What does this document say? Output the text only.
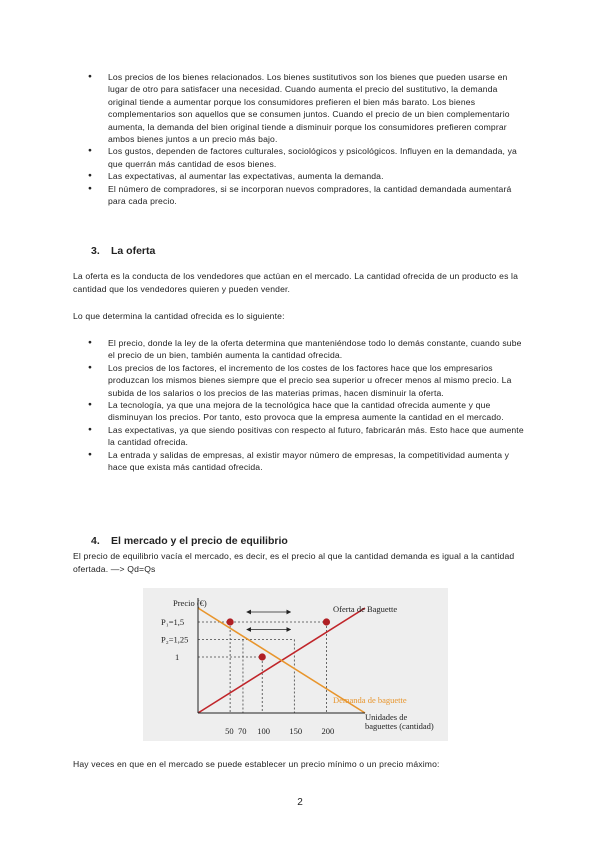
● Los precios de los bienes relacionados. Los bienes sustitutivos son los bienes que pueden usarse en lugar de otro para satisfacer una necesidad. Cuando aumenta el precio del sustitutivo, la demanda original tiende a aumentar porque los consumidores prefieren el bien más barato. Los bienes complementarios son aquellos que se consumen juntos. Cuando el precio de un bien complementario aumenta, la demanda del bien original tiende a disminuir porque los consumidores prefieren comprar ambos bienes juntos a un precio más bajo.
● Los gustos, dependen de factores culturales, sociológicos y psicológicos. Influyen en la demandada, ya que querrán más cantidad de esos bienes.
● Las expectativas, al aumentar las expectativas, aumenta la demanda.
● El número de compradores, si se incorporan nuevos compradores, la cantidad demandada aumentará para cada precio.
3. La oferta
La oferta es la conducta de los vendedores que actúan en el mercado. La cantidad ofrecida de un producto es la cantidad que los vendedores quieren y pueden vender.
Lo que determina la cantidad ofrecida es lo siguiente:
● El precio, donde la ley de la oferta determina que manteniéndose todo lo demás constante, cuando sube el precio de un bien, también aumenta la cantidad ofrecida.
● Los precios de los factores, el incremento de los costes de los factores hace que los empresarios produzcan los mismos bienes siempre que el precio sea superior u ofrecer menos al mismo precio. La subida de los salarios o los precios de las materias primas, hacen disminuir la oferta.
● La tecnología, ya que una mejora de la tecnológica hace que la cantidad ofrecida aumente y que disminuyan los precios. Por tanto, esto provoca que la empresa aumente la cantidad en el mercado.
● Las expectativas, ya que siendo positivas con respecto al futuro, fabricarán más. Esto hace que aumente la cantidad ofrecida.
● La entrada y salidas de empresas, al existir mayor número de empresas, la competitividad aumenta y hace que exista más cantidad ofrecida.
4. El mercado y el precio de equilibrio
El precio de equilibrio vacía el mercado, es decir, es el precio al que la cantidad demanda es igual a la cantidad ofertada. —> Qd=Qs
Precio (€)
Unidades de
baguettes (cantidad)
50 70 100 150 200
P₁=1,5
P₂=1,25
1
Oferta de Baguette
Demanda de baguette
Hay veces en que en el mercado se puede establecer un precio mínimo o un precio máximo:
2
